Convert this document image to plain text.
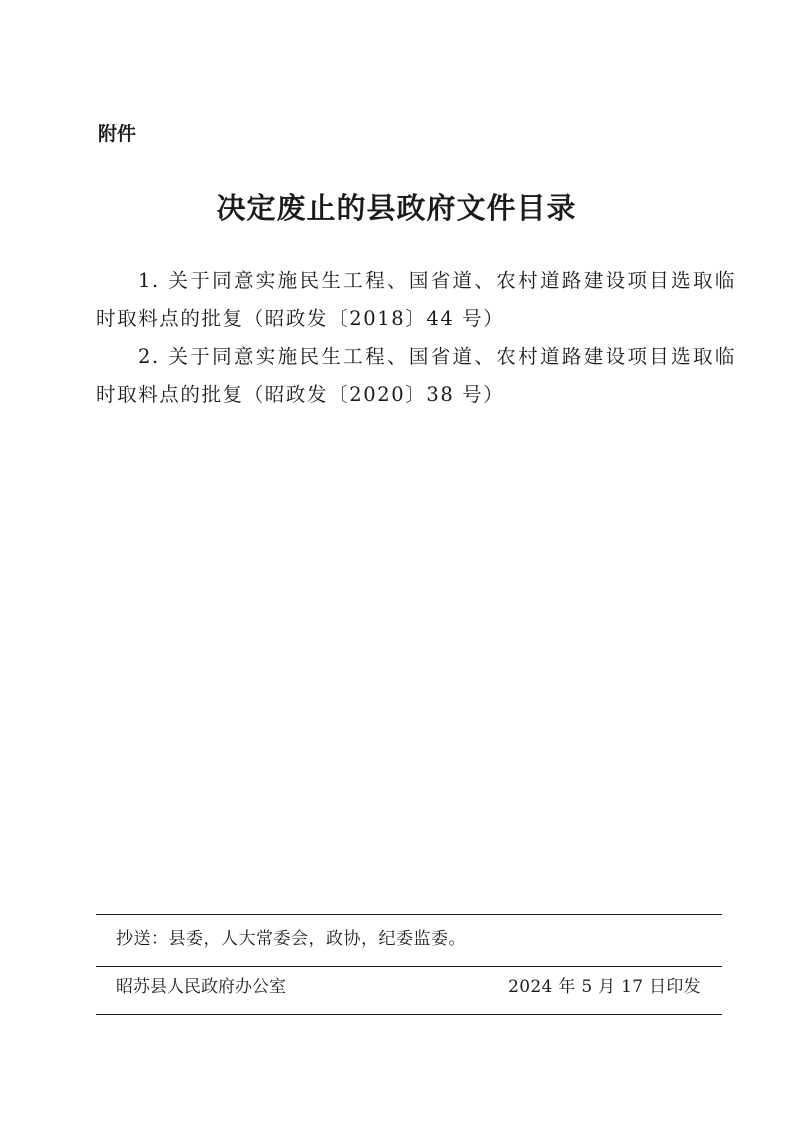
附件
决定废止的县政府文件目录
1. 关于同意实施民生工程、国省道、农村道路建设项目选取临时取料点的批复（昭政发〔2018〕44 号）
2. 关于同意实施民生工程、国省道、农村道路建设项目选取临时取料点的批复（昭政发〔2020〕38 号）
抄送：县委，人大常委会，政协，纪委监委。
昭苏县人民政府办公室	2024 年 5 月 17 日印发
